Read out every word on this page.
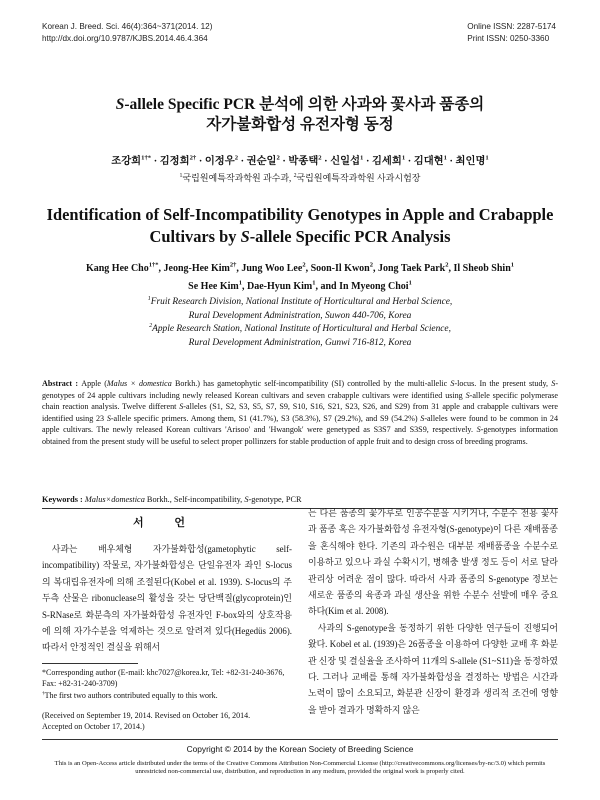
Korean J. Breed. Sci. 46(4):364~371(2014. 12)
http://dx.doi.org/10.9787/KJBS.2014.46.4.364
Online ISSN: 2287-5174
Print ISSN: 0250-3360
S-allele Specific PCR 분석에 의한 사과와 꽃사과 품종의
자가불화합성 유전자형 동정
조강희$^{1\dagger*}$ · 김정희$^{2\dagger}$ · 이정우$^2$ · 권순일$^2$ · 박종택$^2$ · 신일섭$^1$ · 김세희$^1$ · 김대현$^1$ · 최인명$^1$
$^1$국립원예특작과학원 과수과, $^2$국립원예특작과학원 사과시험장
Identification of Self-Incompatibility Genotypes in Apple and Crabapple
Cultivars by S-allele Specific PCR Analysis
Kang Hee Cho$^{1\dagger*}$, Jeong-Hee Kim$^{2\dagger}$, Jung Woo Lee$^2$, Soon-Il Kwon$^2$, Jong Taek Park$^2$, Il Sheob Shin$^1$
Se Hee Kim$^1$, Dae-Hyun Kim$^1$, and In Myeong Choi$^1$
$^1$Fruit Research Division, National Institute of Horticultural and Herbal Science,
Rural Development Administration, Suwon 440-706, Korea
$^2$Apple Research Station, National Institute of Horticultural and Herbal Science,
Rural Development Administration, Gunwi 716-812, Korea
Abstract : Apple (Malus × domestica Borkh.) has gametophytic self-incompatibility (SI) controlled by the multi-allelic S-locus. In the present study, S-genotypes of 24 apple cultivars including newly released Korean cultivars and seven crabapple cultivars were identified using S-allele specific polymerase chain reaction analysis. Twelve different S-alleles (S1, S2, S3, S5, S7, S9, S10, S16, S21, S23, S26, and S29) from 31 apple and crabapple cultivars were identified using 23 S-allele specific primers. Among them, S1 (41.7%), S3 (58.3%), S7 (29.2%), and S9 (54.2%) S-alleles were found to be common in 24 apple cultivars. The newly released Korean cultivars 'Arisoo' and 'Hwangok' were genetyped as S3S7 and S3S9, respectively. S-genotypes information obtained from the present study will be useful to select proper pollinzers for stable production of apple fruit and to design cross of breeding programs.
Keywords : Malus×domestica Borkh., Self-incompatibility, S-genotype, PCR
서 언
사과는 배우체형 자가불화합성(gametophytic self-incompatibility) 작물로, 자가불화합성은 단일유전자 좌인 S-locus의 복대립유전자에 의해 조절된다(Kobel et al. 1939). S-locus의 주두측 산물은 ribonuclease의 활성을 갖는 당단백질(glycoprotein)인 S-RNase로 화분측의 자가불화합성 유전자인 F-box와의 상호작용에 의해 자가수분을 억제하는 것으로 알려져 있다(Hegedüs 2006). 따라서 안정적인 결실을 위해서

는 다른 품종의 꽃가루로 인공수분을 시키거나, 수분수 전용 꽃사과 품종 혹은 자가불화합성 유전자형(S-genotype)이 다른 재배품종을 혼식해야 한다. 기존의 과수원은 대부분 재배품종을 수분수로 이용하고 있으나 과실 수확시기, 병해충 발생 정도 등이 서로 달라 관리상 어려운 점이 많다. 따라서 사과 품종의 S-genotype 정보는 새로운 품종의 육종과 과실 생산을 위한 수분수 선발에 매우 중요하다(Kim et al. 2008).

사과의 S-genotype을 동정하기 위한 다양한 연구들이 진행되어 왔다. Kobel et al. (1939)은 26품종을 이용하여 다양한 교배 후 화분관 신장 및 결실율을 조사하여 11개의 S-allele (S1~S11)을 동정하였다. 그러나 교배를 통해 자가불화합성을 결정하는 방법은 시간과 노력이 많이 소요되고, 화분관 신장이 환경과 생리적 조건에 영향을 받아 결과가 명확하지 않은

*Corresponding author (E-mail: khc7027@korea.kr, Tel: +82-31-240-3676, Fax: +82-31-240-3709)

†The first two authors contributed equally to this work.

(Received on September 19, 2014. Revised on October 16, 2014.
Accepted on October 17, 2014.)
Copyright © 2014 by the Korean Society of Breeding Science
This is an Open-Access article distributed under the terms of the Creative Commons Attribution Non-Commercial License (http://creativecommons.org/licenses/by-nc/3.0) which permits unrestricted non-commercial use, distribution, and reproduction in any medium, provided the original work is properly cited.
